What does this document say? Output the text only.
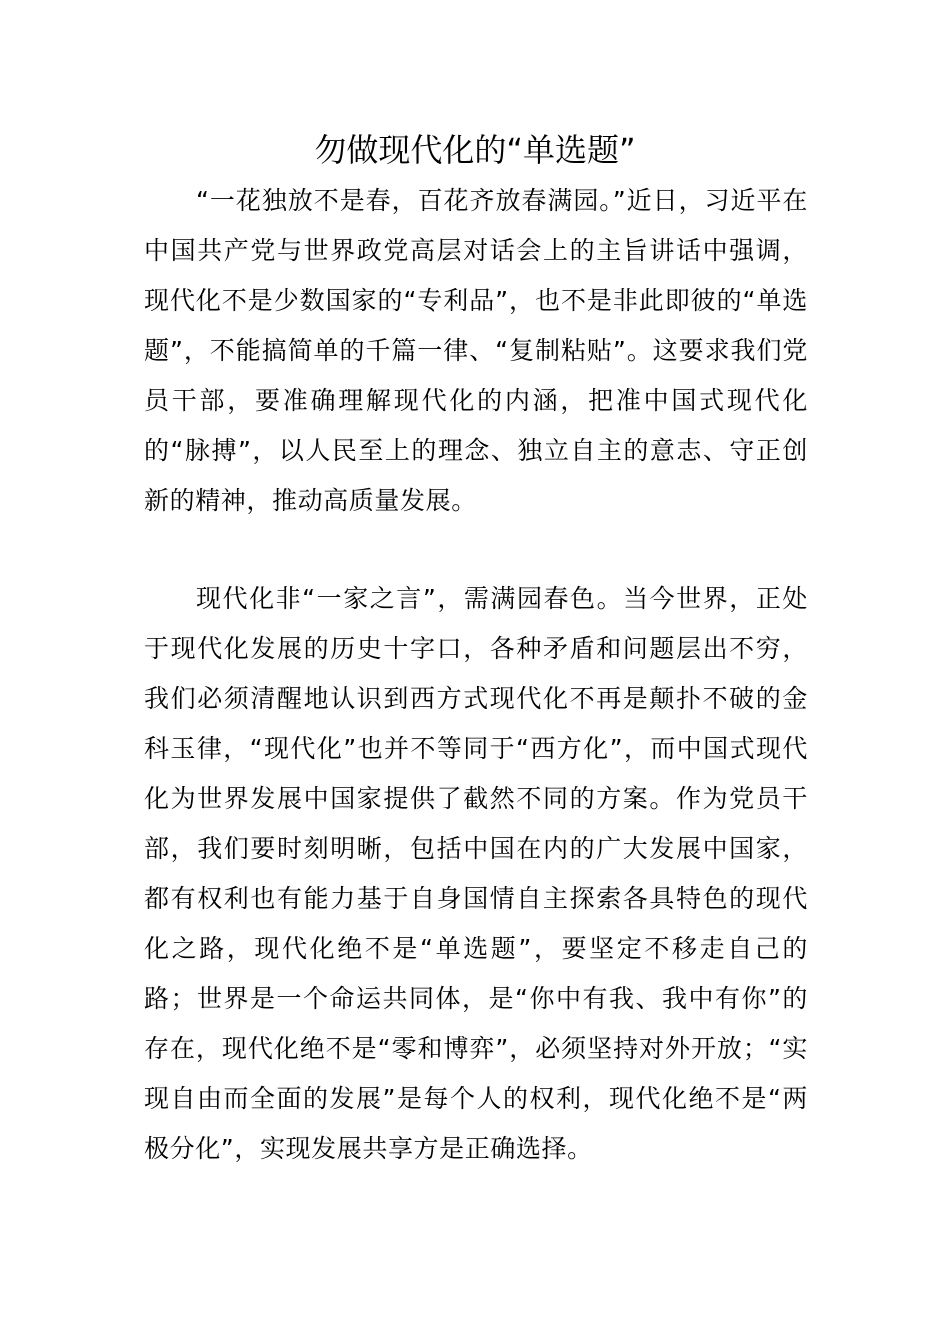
勿做现代化的“单选题”

“一花独放不是春，百花齐放春满园。”近日，习近平在中国共产党与世界政党高层对话会上的主旨讲话中强调，现代化不是少数国家的“专利品”，也不是非此即彼的“单选题”，不能搞简单的千篇一律、“复制粘贴”。这要求我们党员干部，要准确理解现代化的内涵，把准中国式现代化的“脉搏”，以人民至上的理念、独立自主的意志、守正创新的精神，推动高质量发展。

现代化非“一家之言”，需满园春色。当今世界，正处于现代化发展的历史十字口，各种矛盾和问题层出不穷，我们必须清醒地认识到西方式现代化不再是颠扑不破的金科玉律，“现代化”也并不等同于“西方化”，而中国式现代化为世界发展中国家提供了截然不同的方案。作为党员干部，我们要时刻明晰，包括中国在内的广大发展中国家，都有权利也有能力基于自身国情自主探索各具特色的现代化之路，现代化绝不是“单选题”，要坚定不移走自己的路；世界是一个命运共同体，是“你中有我、我中有你”的存在，现代化绝不是“零和博弈”，必须坚持对外开放；“实现自由而全面的发展”是每个人的权利，现代化绝不是“两极分化”，实现发展共享方是正确选择。
